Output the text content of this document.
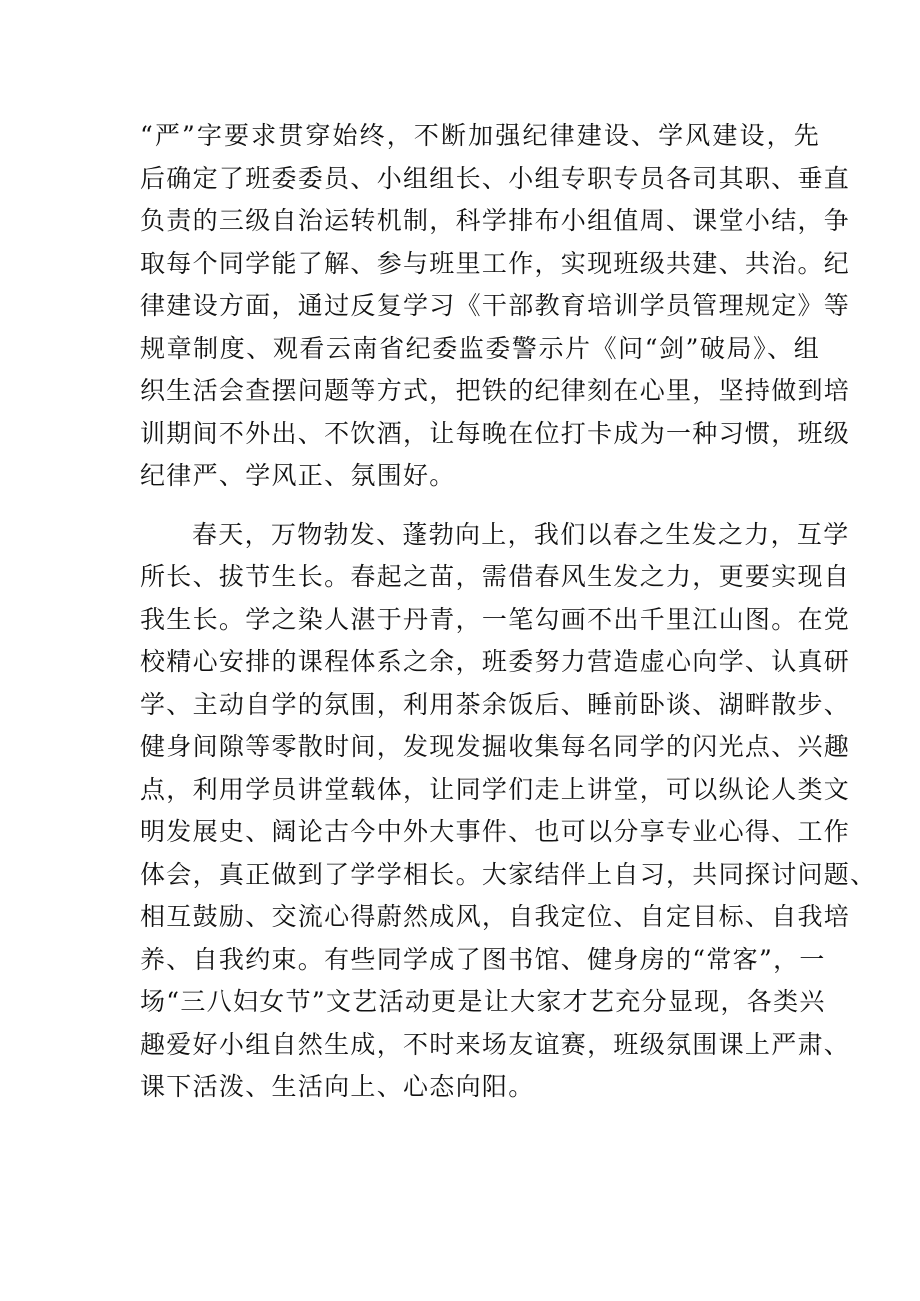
“严”字要求贯穿始终，不断加强纪律建设、学风建设，先
后确定了班委委员、小组组长、小组专职专员各司其职、垂直
负责的三级自治运转机制，科学排布小组值周、课堂小结，争
取每个同学能了解、参与班里工作，实现班级共建、共治。纪
律建设方面，通过反复学习《干部教育培训学员管理规定》等
规章制度、观看云南省纪委监委警示片《问“剑”破局》、组
织生活会查摆问题等方式，把铁的纪律刻在心里，坚持做到培
训期间不外出、不饮酒，让每晚在位打卡成为一种习惯，班级
纪律严、学风正、氛围好。
春天，万物勃发、蓬勃向上，我们以春之生发之力，互学
所长、拔节生长。春起之苗，需借春风生发之力，更要实现自
我生长。学之染人湛于丹青，一笔勾画不出千里江山图。在党
校精心安排的课程体系之余，班委努力营造虚心向学、认真研
学、主动自学的氛围，利用茶余饭后、睡前卧谈、湖畔散步、
健身间隙等零散时间，发现发掘收集每名同学的闪光点、兴趣
点，利用学员讲堂载体，让同学们走上讲堂，可以纵论人类文
明发展史、阔论古今中外大事件、也可以分享专业心得、工作
体会，真正做到了学学相长。大家结伴上自习，共同探讨问题、
相互鼓励、交流心得蔚然成风，自我定位、自定目标、自我培
养、自我约束。有些同学成了图书馆、健身房的“常客”，一
场“三八妇女节”文艺活动更是让大家才艺充分显现，各类兴
趣爱好小组自然生成，不时来场友谊赛，班级氛围课上严肃、
课下活泼、生活向上、心态向阳。
